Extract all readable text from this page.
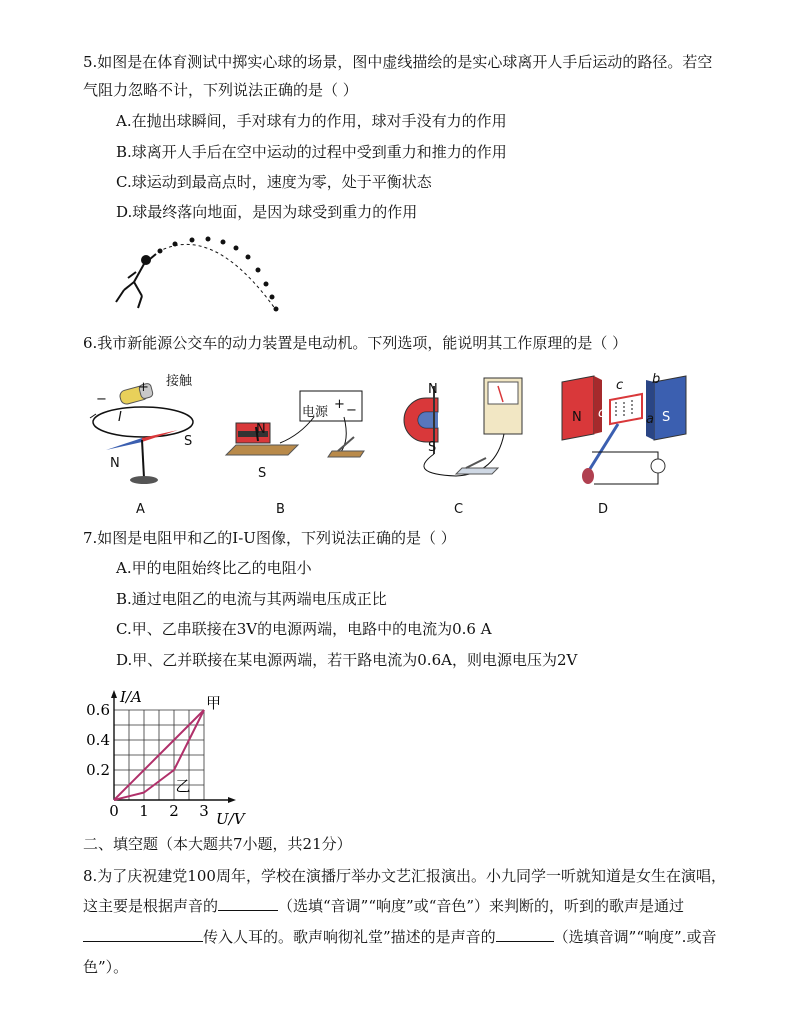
5.如图是在体育测试中掷实心球的场景，图中虚线描绘的是实心球离开人手后运动的路径。若空
气阻力忽略不计，下列说法正确的是（ ）
A.在抛出球瞬间，手对球有力的作用，球对手没有力的作用
B.球离开人手后在空中运动的过程中受到重力和推力的作用
C.球运动到最高点时，速度为零，处于平衡状态
D.球最终落向地面，是因为球受到重力的作用
6.我市新能源公交车的动力装置是电动机。下列选项，能说明其工作原理的是（ ）
接触
+
−
I
N
S
A
电源
+ −
N
S
B
N
S
C
N	S
c b
d	a
D
7.如图是电阻甲和乙的I-U图像，下列说法正确的是（ ）
A.甲的电阻始终比乙的电阻小
B.通过电阻乙的电流与其两端电压成正比
C.甲、乙串联接在3V的电源两端，电路中的电流为0.6 A
D.甲、乙并联接在某电源两端，若干路电流为0.6A，则电源电压为2V
甲
乙
0 1 2 3
0.2
0.4
0.6
I/A
U/V
二、填空题（本大题共7小题，共21分）
8.为了庆祝建党100周年，学校在演播厅举办文艺汇报演出。小九同学一听就知道是女生在演唱，
这主要是根据声音的	（选填“音调”“响度”或“音色”）来判断的，听到的歌声是通过
传入人耳的。歌声响彻礼堂”描述的是声音的	（选填音调”“响度”.或音
色”）。
